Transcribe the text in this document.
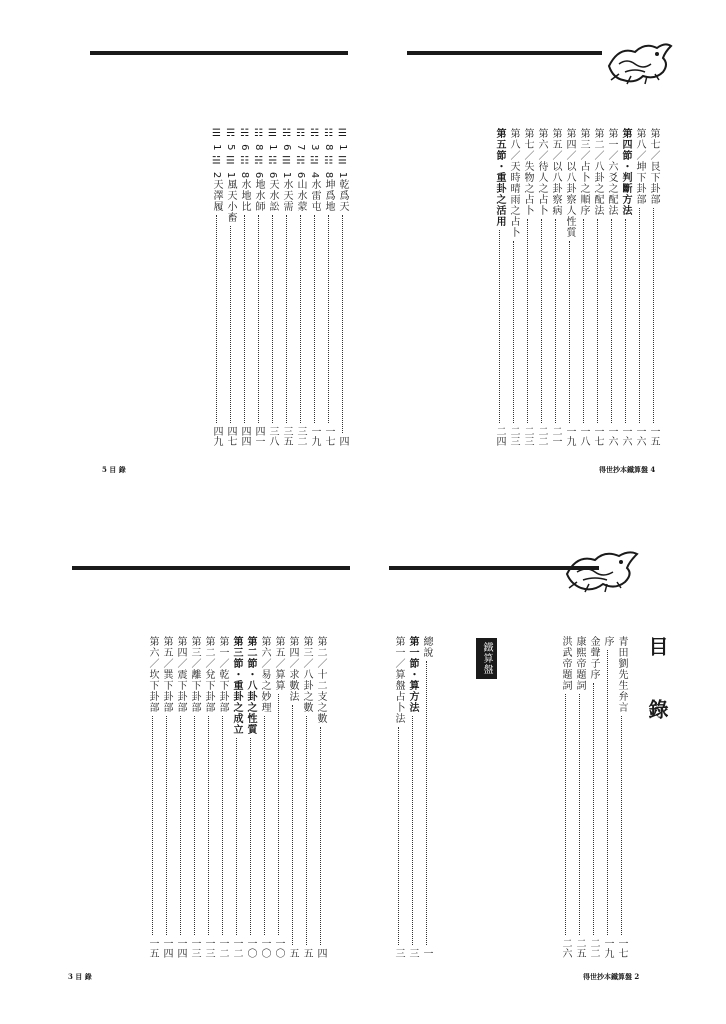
☰ 1 ☰ 1
乾爲天
四
☷ 8 ☷ 8
坤爲地
一七
☵ 3 ☳ 4
水雷屯
一九
☶ 7 ☵ 6
山水蒙
三二
☵ 6 ☰ 1
水天需
三五
☰ 1 ☵ 6
天水訟
三八
☷ 8 ☵ 6
地水師
四一
☵ 6 ☷ 8
水地比
四四
☴ 5 ☰ 1
風天小畜
四七
☰ 1 ☱ 2
天澤履
四九
5 目 錄
第七／艮下卦部
一五
第八／坤下卦部
一六
第四節・判斷方法
一六
第一／六爻之配法
一六
第二／八卦之配法
一七
第三／占卜之順序
一八
第四／以八卦察人性質
一九
第五／以八卦察病
二一
第六／待人之占卜
二二
第七／失物之占卜
二三
第八／天時晴雨之占卜
二三
第五節・重卦之活用
二四
得世抄本鐵算盤 4
第二／十二支之數
四
第三／八卦之數
五
第四／求數法
五
第五／算算
一〇
第六／易之妙理
一〇
第二節・八卦之性質
一〇
第三節・重卦之成立
一二
第一／乾下卦部
一二
第二／兌下卦部
一三
第三／離下卦部
一三
第四／震下卦部
一四
第五／巽下卦部
一四
第六／坎下卦部
一五
3 目 錄
目 錄
青田劉先生弁言
一七
序
一九
金聲子序
二二
康熙帝題詞
二五
洪武帝題詞
二六
鐵算盤
總說
一
第一節・算方法
三
第一／算盤占卜法
三
得世抄本鐵算盤 2
